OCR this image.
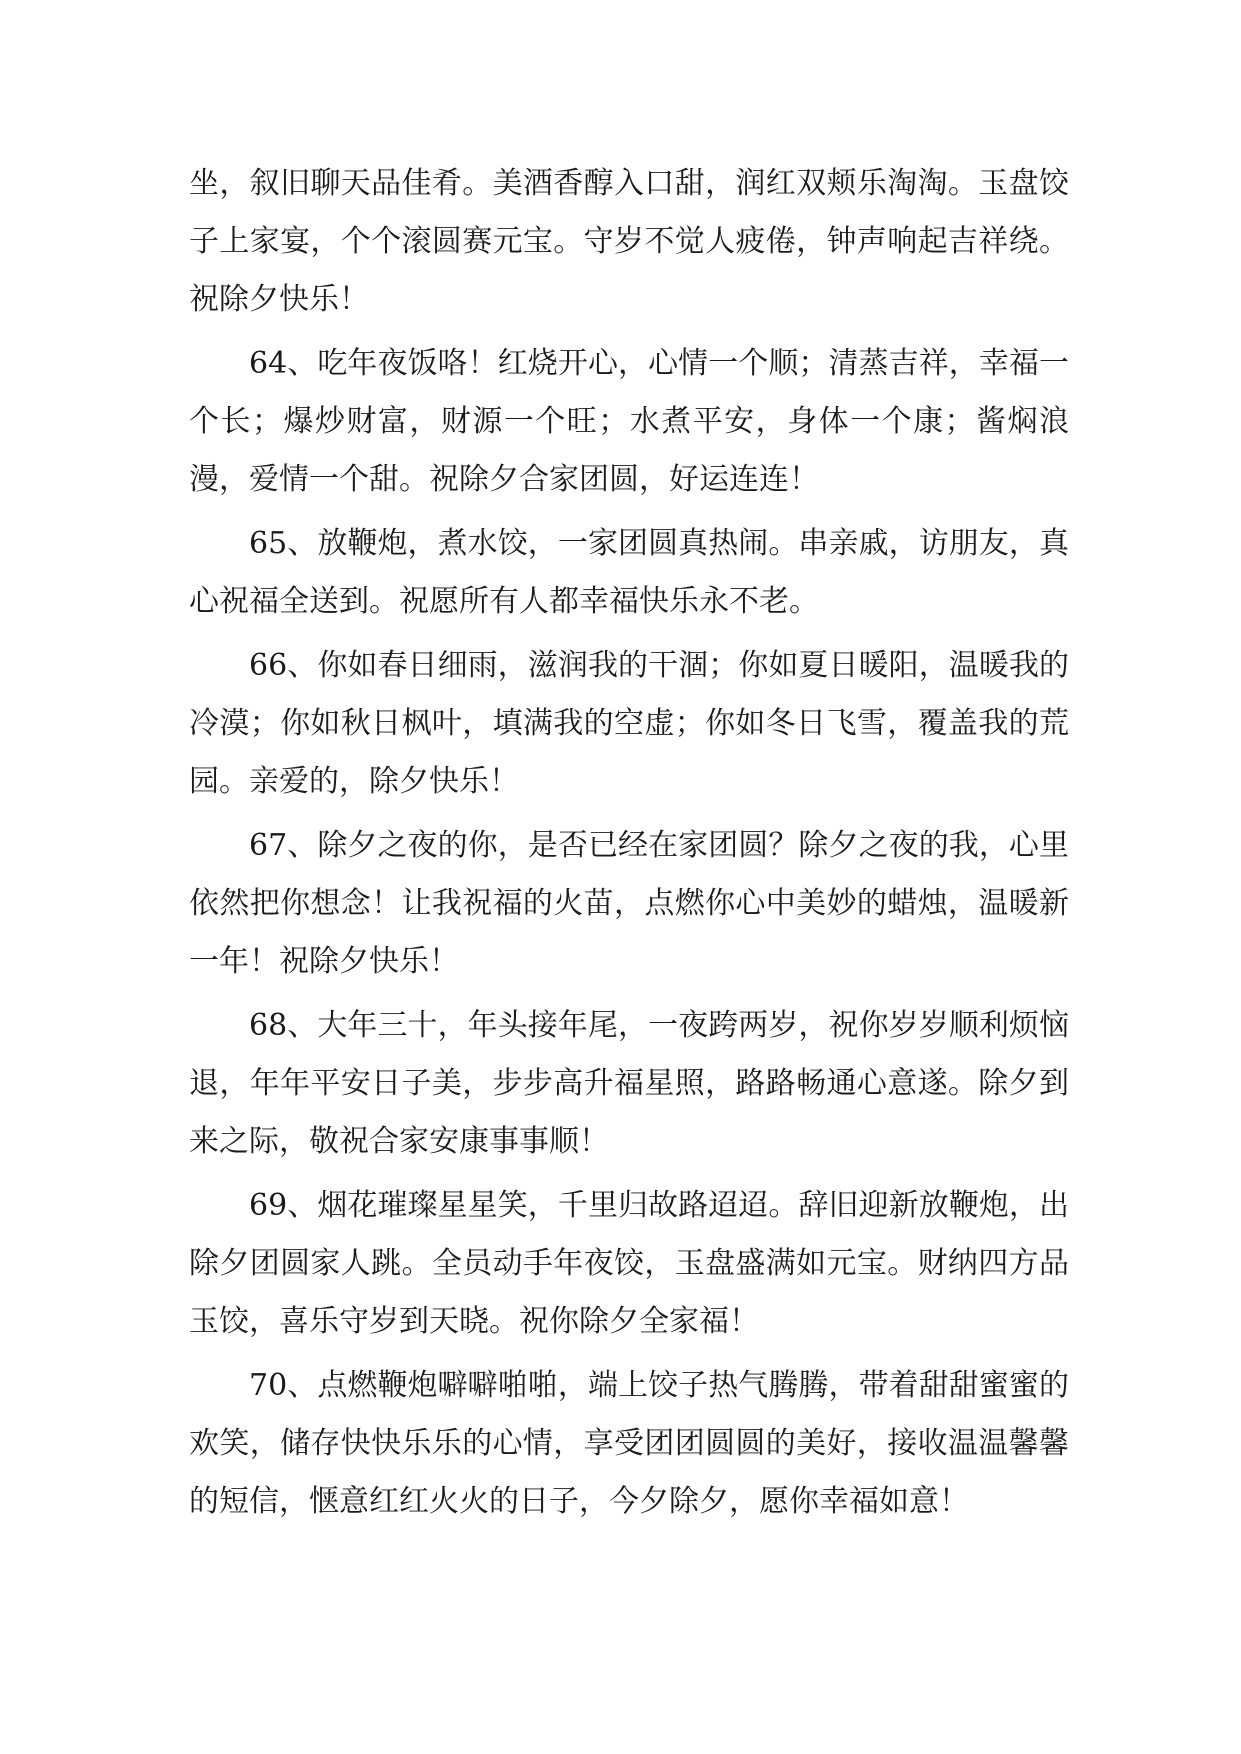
坐，叙旧聊天品佳肴。美酒香醇入口甜，润红双颊乐淘淘。玉盘饺子上家宴，个个滚圆赛元宝。守岁不觉人疲倦，钟声响起吉祥绕。祝除夕快乐！

64、吃年夜饭咯！红烧开心，心情一个顺；清蒸吉祥，幸福一个长；爆炒财富，财源一个旺；水煮平安，身体一个康；酱焖浪漫，爱情一个甜。祝除夕合家团圆，好运连连！

65、放鞭炮，煮水饺，一家团圆真热闹。串亲戚，访朋友，真心祝福全送到。祝愿所有人都幸福快乐永不老。

66、你如春日细雨，滋润我的干涸；你如夏日暖阳，温暖我的冷漠；你如秋日枫叶，填满我的空虚；你如冬日飞雪，覆盖我的荒园。亲爱的，除夕快乐！

67、除夕之夜的你，是否已经在家团圆？除夕之夜的我，心里依然把你想念！让我祝福的火苗，点燃你心中美妙的蜡烛，温暖新一年！祝除夕快乐！

68、大年三十，年头接年尾，一夜跨两岁，祝你岁岁顺利烦恼退，年年平安日子美，步步高升福星照，路路畅通心意遂。除夕到来之际，敬祝合家安康事事顺！

69、烟花璀璨星星笑，千里归故路迢迢。辞旧迎新放鞭炮，出除夕团圆家人跳。全员动手年夜饺，玉盘盛满如元宝。财纳四方品玉饺，喜乐守岁到天晓。祝你除夕全家福！

70、点燃鞭炮噼噼啪啪，端上饺子热气腾腾，带着甜甜蜜蜜的欢笑，储存快快乐乐的心情，享受团团圆圆的美好，接收温温馨馨的短信，惬意红红火火的日子，今夕除夕，愿你幸福如意！
